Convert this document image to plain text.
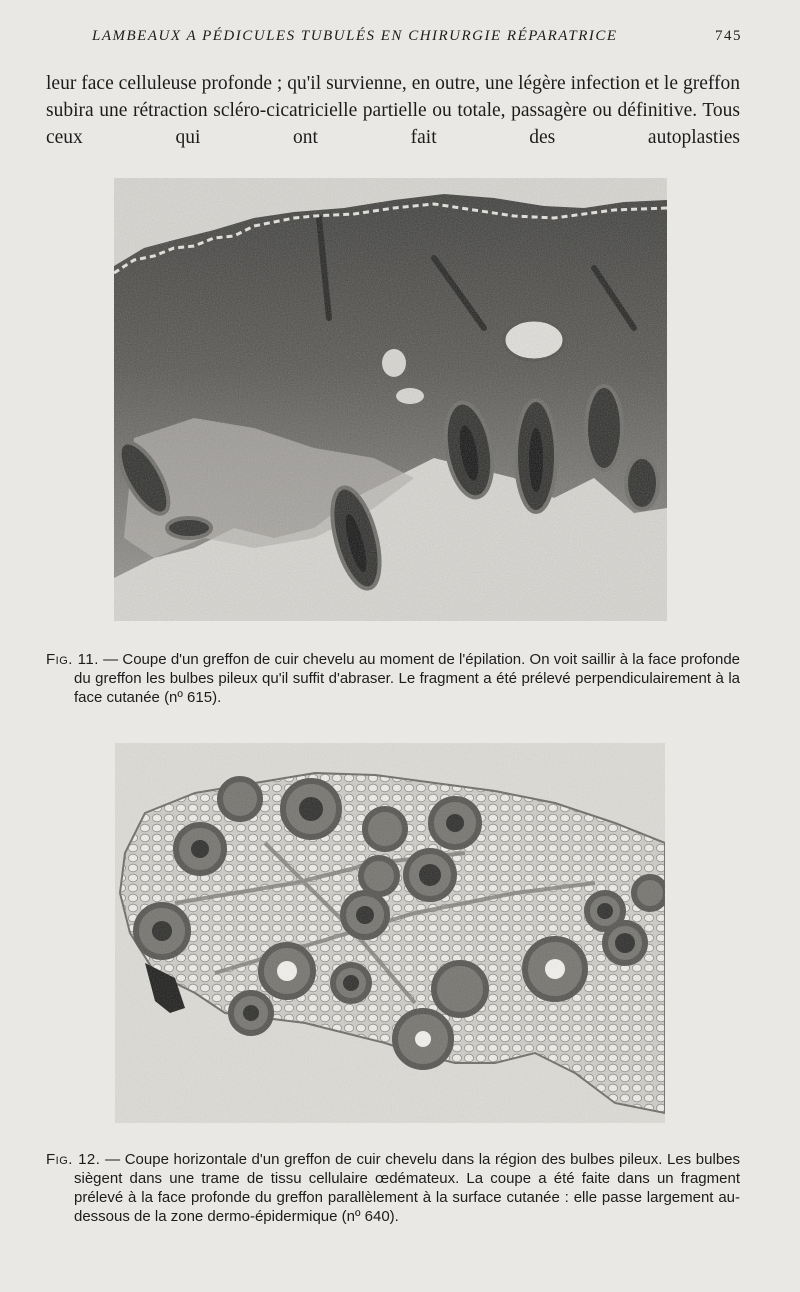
LAMBEAUX A PÉDICULES TUBULÉS EN CHIRURGIE RÉPARATRICE	745

leur face celluleuse profonde ; qu'il survienne, en outre, une légère infection et le greffon subira une rétraction scléro-cicatricielle partielle ou totale, passagère ou définitive. Tous ceux qui ont fait des autoplasties

Fig. 11. — Coupe d'un greffon de cuir chevelu au moment de l'épilation. On voit saillir à la face profonde du greffon les bulbes pileux qu'il suffit d'abraser. Le fragment a été prélevé perpendiculairement à la face cutanée (nº 615).
Fig. 12. — Coupe horizontale d'un greffon de cuir chevelu dans la région des bulbes pileux. Les bulbes siègent dans une trame de tissu cellulaire œdémateux. La coupe a été faite dans un fragment prélevé à la face profonde du greffon parallèlement à la surface cutanée : elle passe largement au-dessous de la zone dermo-épidermique (nº 640).
